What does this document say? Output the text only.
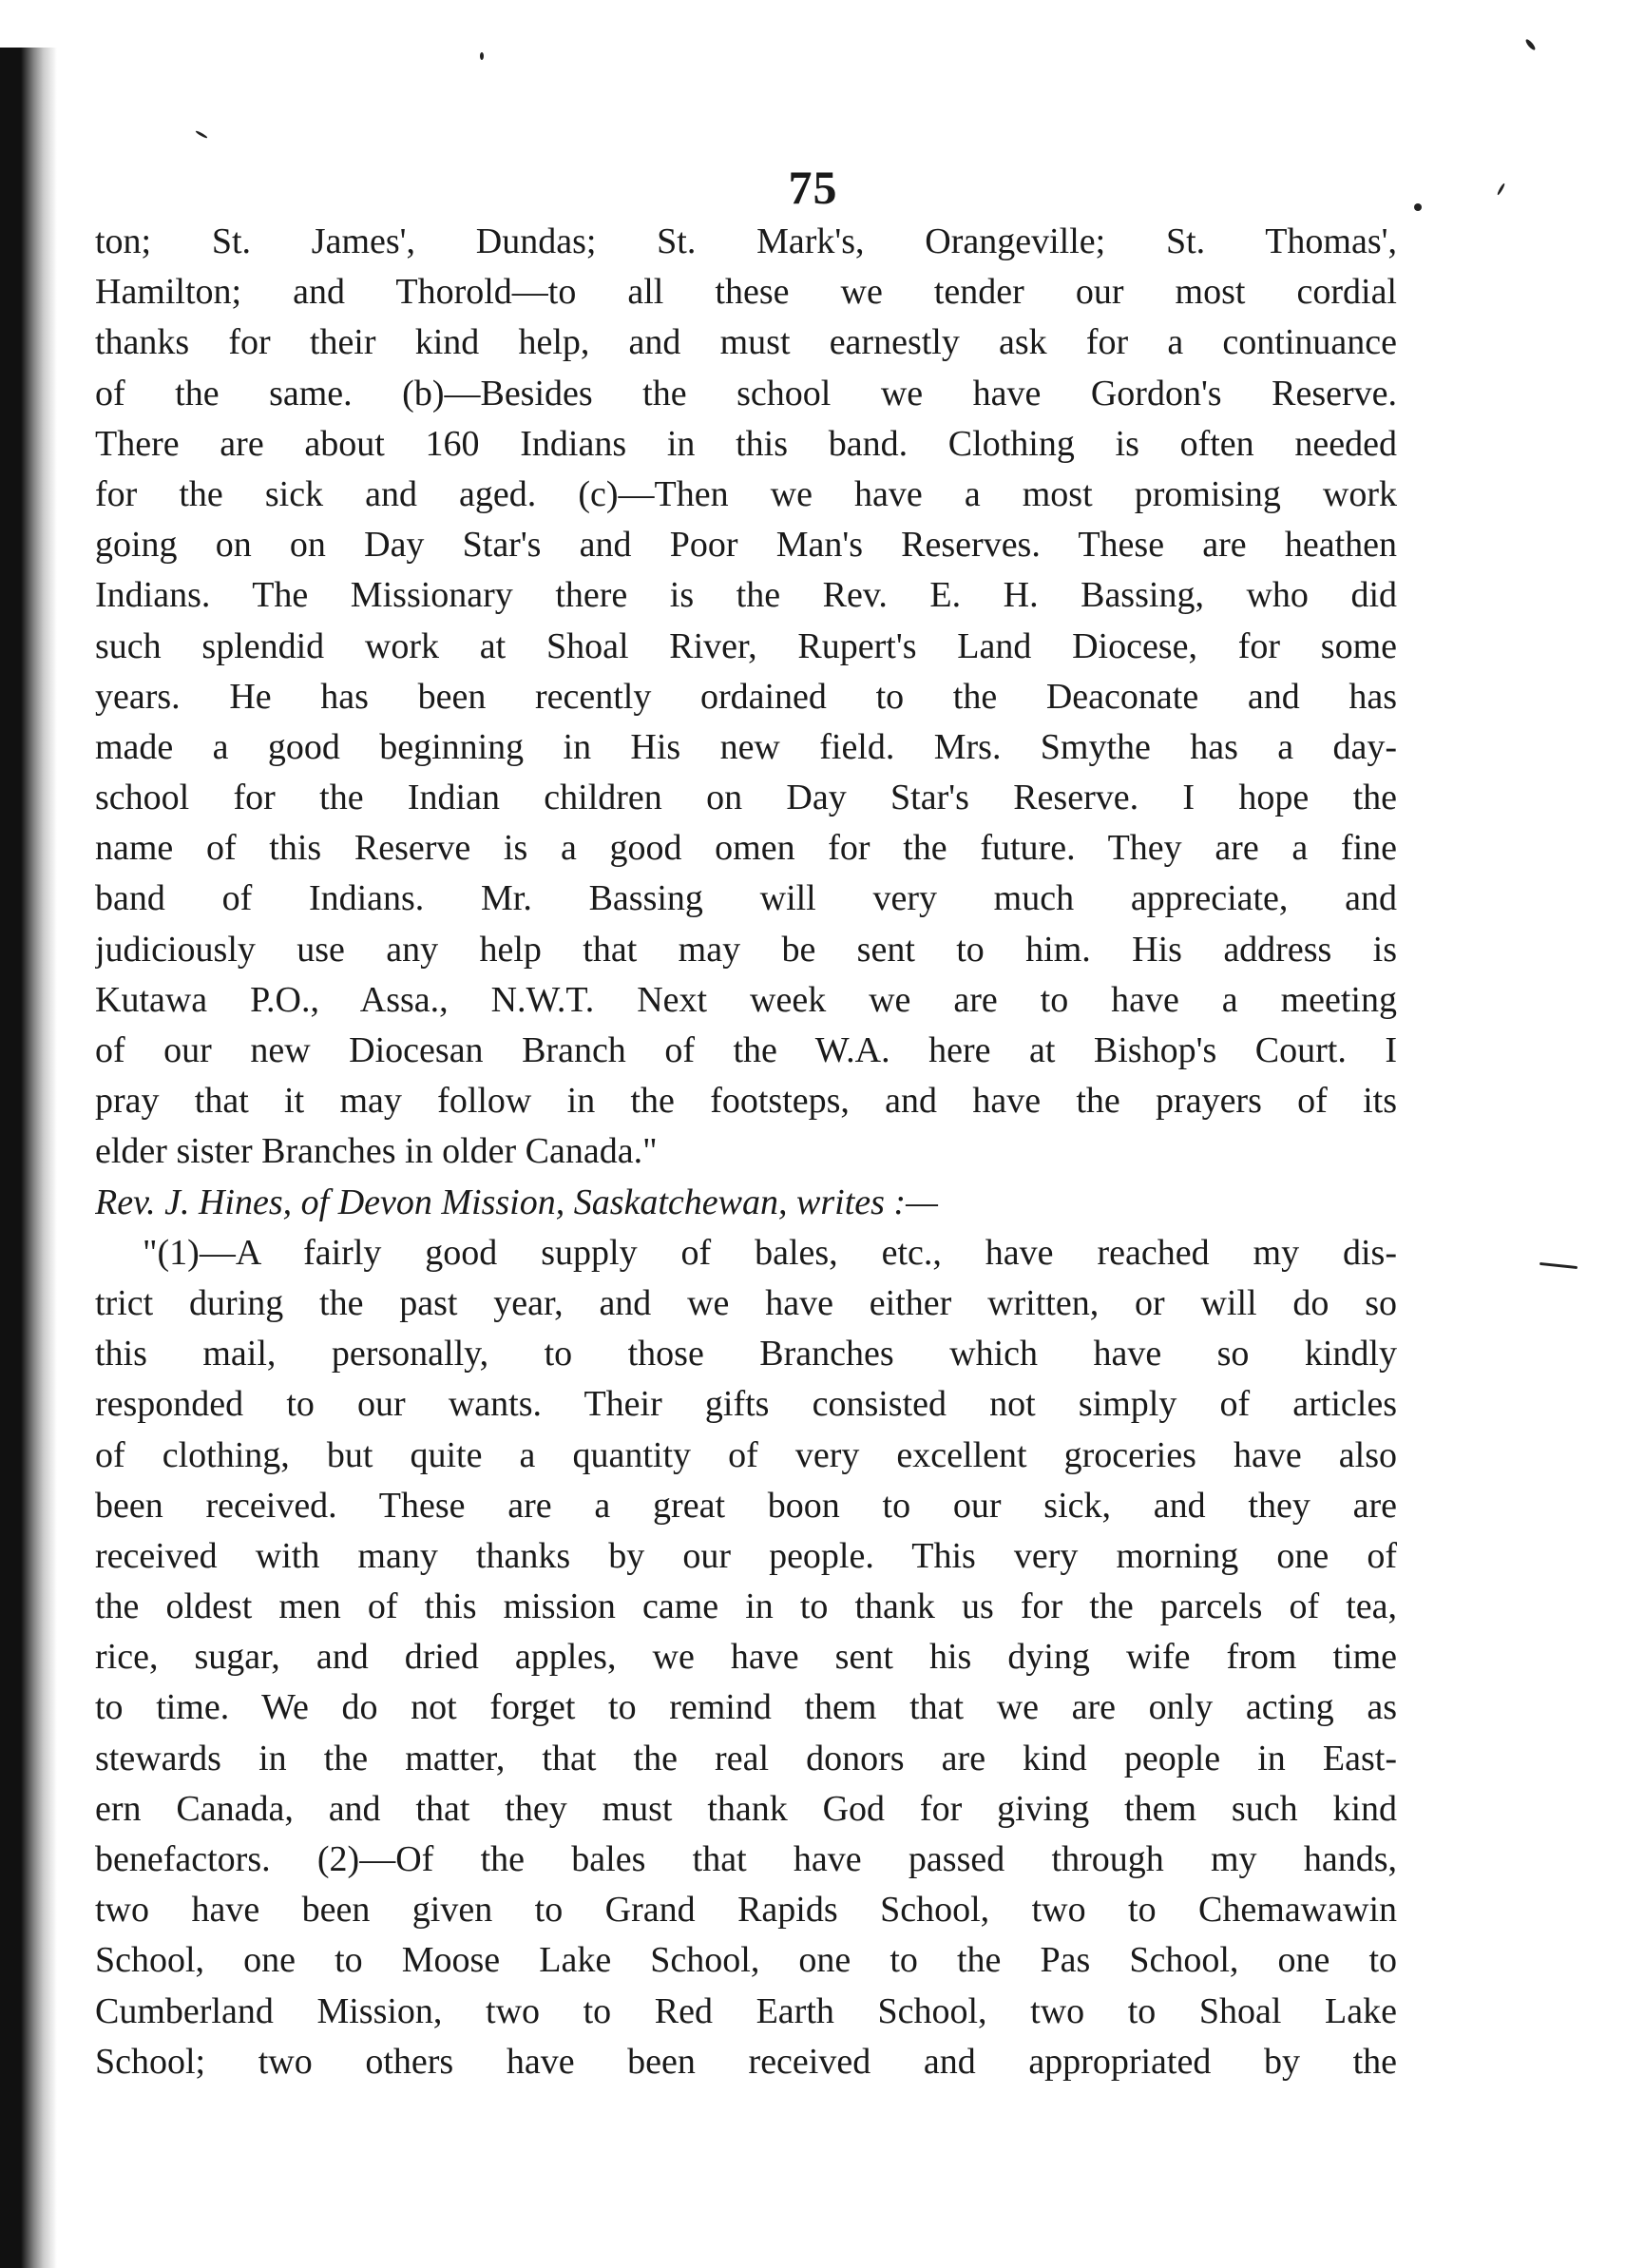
75
ton; St. James', Dundas; St. Mark's, Orangeville; St. Thomas',
Hamilton; and Thorold—to all these we tender our most cordial
thanks for their kind help, and must earnestly ask for a continuance
of the same. (b)—Besides the school we have Gordon's Reserve.
There are about 160 Indians in this band. Clothing is often needed
for the sick and aged. (c)—Then we have a most promising work
going on on Day Star's and Poor Man's Reserves. These are heathen
Indians. The Missionary there is the Rev. E. H. Bassing, who did
such splendid work at Shoal River, Rupert's Land Diocese, for some
years. He has been recently ordained to the Deaconate and has
made a good beginning in His new field. Mrs. Smythe has a day-
school for the Indian children on Day Star's Reserve. I hope the
name of this Reserve is a good omen for the future. They are a fine
band of Indians. Mr. Bassing will very much appreciate, and
judiciously use any help that may be sent to him. His address is
Kutawa P.O., Assa., N.W.T. Next week we are to have a meeting
of our new Diocesan Branch of the W.A. here at Bishop's Court. I
pray that it may follow in the footsteps, and have the prayers of its
elder sister Branches in older Canada."
Rev. J. Hines, of Devon Mission, Saskatchewan, writes :—
"(1)—A fairly good supply of bales, etc., have reached my dis-
trict during the past year, and we have either written, or will do so
this mail, personally, to those Branches which have so kindly
responded to our wants. Their gifts consisted not simply of articles
of clothing, but quite a quantity of very excellent groceries have also
been received. These are a great boon to our sick, and they are
received with many thanks by our people. This very morning one of
the oldest men of this mission came in to thank us for the parcels of tea,
rice, sugar, and dried apples, we have sent his dying wife from time
to time. We do not forget to remind them that we are only acting as
stewards in the matter, that the real donors are kind people in East-
ern Canada, and that they must thank God for giving them such kind
benefactors. (2)—Of the bales that have passed through my hands,
two have been given to Grand Rapids School, two to Chemawawin
School, one to Moose Lake School, one to the Pas School, one to
Cumberland Mission, two to Red Earth School, two to Shoal Lake
School; two others have been received and appropriated by the
